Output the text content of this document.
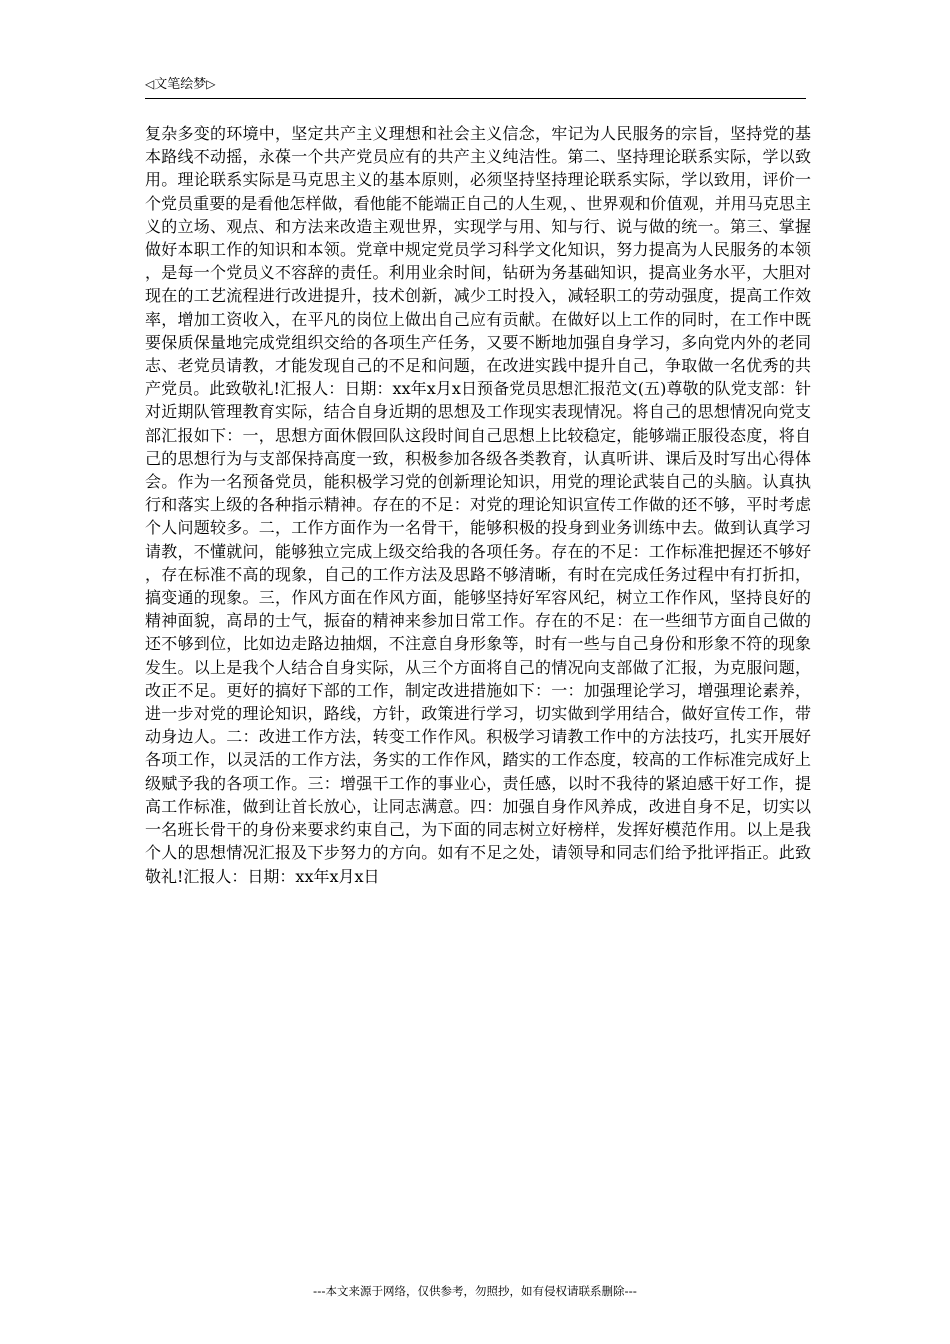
◁文笔绘梦▷

复杂多变的环境中，坚定共产主义理想和社会主义信念，牢记为人民服务的宗旨，坚持党的基本路线不动摇，永葆一个共产党员应有的共产主义纯洁性。第二、坚持理论联系实际，学以致用。理论联系实际是马克思主义的基本原则，必须坚持坚持理论联系实际，学以致用，评价一个党员重要的是看他怎样做，看他能不能端正自己的人生观，、世界观和价值观，并用马克思主义的立场、观点、和方法来改造主观世界，实现学与用、知与行、说与做的统一。第三、掌握做好本职工作的知识和本领。党章中规定党员学习科学文化知识，努力提高为人民服务的本领，是每一个党员义不容辞的责任。利用业余时间，钻研为务基础知识，提高业务水平，大胆对现在的工艺流程进行改进提升，技术创新，减少工时投入，减轻职工的劳动强度，提高工作效率，增加工资收入，在平凡的岗位上做出自己应有贡献。在做好以上工作的同时，在工作中既要保质保量地完成党组织交给的各项生产任务，又要不断地加强自身学习，多向党内外的老同志、老党员请教，才能发现自己的不足和问题，在改进实践中提升自己，争取做一名优秀的共产党员。此致敬礼!汇报人：日期：xx年x月x日预备党员思想汇报范文(五)尊敬的队党支部：针对近期队管理教育实际，结合自身近期的思想及工作现实表现情况。将自己的思想情况向党支部汇报如下：一，思想方面休假回队这段时间自己思想上比较稳定，能够端正服役态度，将自己的思想行为与支部保持高度一致，积极参加各级各类教育，认真听讲、课后及时写出心得体会。作为一名预备党员，能积极学习党的创新理论知识，用党的理论武装自己的头脑。认真执行和落实上级的各种指示精神。存在的不足：对党的理论知识宣传工作做的还不够，平时考虑个人问题较多。二，工作方面作为一名骨干，能够积极的投身到业务训练中去。做到认真学习请教，不懂就问，能够独立完成上级交给我的各项任务。存在的不足：工作标准把握还不够好，存在标准不高的现象，自己的工作方法及思路不够清晰，有时在完成任务过程中有打折扣，搞变通的现象。三，作风方面在作风方面，能够坚持好军容风纪，树立工作作风，坚持良好的精神面貌，高昂的士气，振奋的精神来参加日常工作。存在的不足：在一些细节方面自己做的还不够到位，比如边走路边抽烟，不注意自身形象等，时有一些与自己身份和形象不符的现象发生。以上是我个人结合自身实际，从三个方面将自己的情况向支部做了汇报，为克服问题，改正不足。更好的搞好下部的工作，制定改进措施如下：一：加强理论学习，增强理论素养，进一步对党的理论知识，路线，方针，政策进行学习，切实做到学用结合，做好宣传工作，带动身边人。二：改进工作方法，转变工作作风。积极学习请教工作中的方法技巧，扎实开展好各项工作，以灵活的工作方法，务实的工作作风，踏实的工作态度，较高的工作标准完成好上级赋予我的各项工作。三：增强干工作的事业心，责任感，以时不我待的紧迫感干好工作，提高工作标准，做到让首长放心，让同志满意。四：加强自身作风养成，改进自身不足，切实以一名班长骨干的身份来要求约束自己，为下面的同志树立好榜样，发挥好模范作用。以上是我个人的思想情况汇报及下步努力的方向。如有不足之处，请领导和同志们给予批评指正。此致敬礼!汇报人：日期：xx年x月x日

---本文来源于网络，仅供参考，勿照抄，如有侵权请联系删除---
